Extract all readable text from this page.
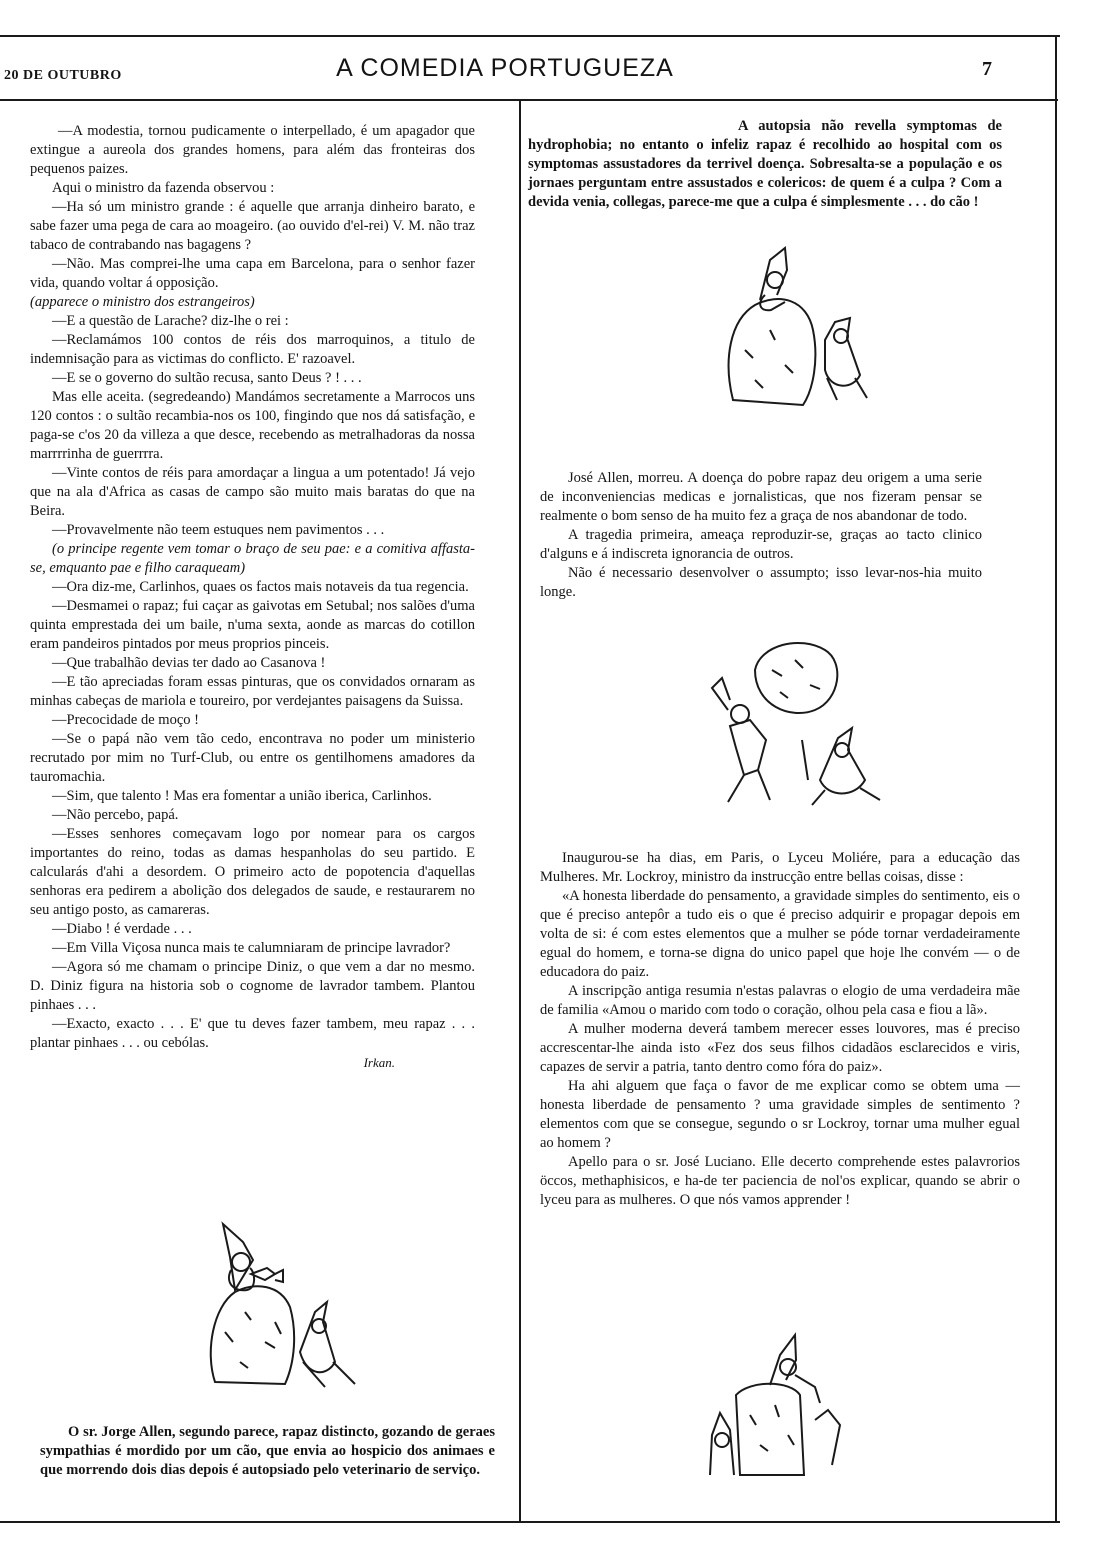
20 DE OUTUBRO	A COMEDIA PORTUGUEZA	7

—A modestia, tornou pudicamente o interpellado, é um apagador que extingue a aureola dos grandes homens, para além das fronteiras dos pequenos paizes.

Aqui o ministro da fazenda observou :

—Ha só um ministro grande : é aquelle que arranja dinheiro barato, e sabe fazer uma pega de cara ao moageiro. (ao ouvido d'el-rei) V. M. não traz tabaco de contrabando nas bagagens ?

—Não. Mas comprei-lhe uma capa em Barcelona, para o senhor fazer vida, quando voltar á opposição.

(apparece o ministro dos estrangeiros)

—E a questão de Larache? diz-lhe o rei :

—Reclamámos 100 contos de réis dos marroquinos, a titulo de indemnisação para as victimas do conflicto. E' razoavel.

—E se o governo do sultão recusa, santo Deus ? ! . . .

Mas elle aceita. (segredeando) Mandámos secretamente a Marrocos uns 120 contos : o sultão recambia-nos os 100, fingindo que nos dá satisfação, e paga-se c'os 20 da villeza a que desce, recebendo as metralhadoras da nossa marrrrinha de guerrrra.

—Vinte contos de réis para amordaçar a lingua a um potentado! Já vejo que na ala d'Africa as casas de campo são muito mais baratas do que na Beira.

—Provavelmente não teem estuques nem pavimentos . . .

(o principe regente vem tomar o braço de seu pae: e a comitiva affasta-se, emquanto pae e filho caraqueam)

—Ora diz-me, Carlinhos, quaes os factos mais notaveis da tua regencia.

—Desmamei o rapaz; fui caçar as gaivotas em Setubal; nos salões d'uma quinta emprestada dei um baile, n'uma sexta, aonde as marcas do cotillon eram pandeiros pintados por meus proprios pinceis.

—Que trabalhão devias ter dado ao Casanova !

—E tão apreciadas foram essas pinturas, que os convidados ornaram as minhas cabeças de mariola e toureiro, por verdejantes paisagens da Suissa.

—Precocidade de moço !

—Se o papá não vem tão cedo, encontrava no poder um ministerio recrutado por mim no Turf-Club, ou entre os gentilhomens amadores da tauromachia.

—Sim, que talento ! Mas era fomentar a união iberica, Carlinhos.

—Não percebo, papá.

—Esses senhores começavam logo por nomear para os cargos importantes do reino, todas as damas hespanholas do seu partido. E calcularás d'ahi a desordem. O primeiro acto de popotencia d'aquellas senhoras era pedirem a abolição dos delegados de saude, e restaurarem no seu antigo posto, as camareras.

—Diabo ! é verdade . . .

—Em Villa Viçosa nunca mais te calumniaram de principe lavrador?

—Agora só me chamam o principe Diniz, o que vem a dar no mesmo. D. Diniz figura na historia sob o cognome de lavrador tambem. Plantou pinhaes . . .

—Exacto, exacto . . . E' que tu deves fazer tambem, meu rapaz . . . plantar pinhaes . . . ou cebólas.

Irkan.

O sr. Jorge Allen, segundo parece, rapaz distincto, gozando de geraes sympathias é mordido por um cão, que envia ao hospicio dos animaes e que morrendo dois dias depois é autopsiado pelo veterinario de serviço.

A autopsia não revella symptomas de hydrophobia; no entanto o infeliz rapaz é recolhido ao hospital com os symptomas assustadores da terrivel doença. Sobresalta-se a população e os jornaes perguntam entre assustados e colericos: de quem é a culpa ? Com a devida venia, collegas, parece-me que a culpa é simplesmente . . . do cão !

José Allen, morreu. A doença do pobre rapaz deu origem a uma serie de inconveniencias medicas e jornalisticas, que nos fizeram pensar se realmente o bom senso de ha muito fez a graça de nos abandonar de todo.

A tragedia primeira, ameaça reproduzir-se, graças ao tacto clinico d'alguns e á indiscreta ignorancia de outros.

Não é necessario desenvolver o assumpto; isso levar-nos-hia muito longe.

Inaugurou-se ha dias, em Paris, o Lyceu Moliére, para a educação das Mulheres. Mr. Lockroy, ministro da instrucção entre bellas coisas, disse :

«A honesta liberdade do pensamento, a gravidade simples do sentimento, eis o que é preciso antepôr a tudo eis o que é preciso adquirir e propagar depois em volta de si: é com estes elementos que a mulher se póde tornar verdadeiramente egual do homem, e torna-se digna do unico papel que hoje lhe convém — o de educadora do paiz.

A inscripção antiga resumia n'estas palavras o elogio de uma verdadeira mãe de familia «Amou o marido com todo o coração, olhou pela casa e fiou a lã».

A mulher moderna deverá tambem merecer esses louvores, mas é preciso accrescentar-lhe ainda isto «Fez dos seus filhos cidadãos esclarecidos e viris, capazes de servir a patria, tanto dentro como fóra do paiz».

Ha ahi alguem que faça o favor de me explicar como se obtem uma — honesta liberdade de pensamento ? uma gravidade simples de sentimento ? elementos com que se consegue, segundo o sr Lockroy, tornar uma mulher egual ao homem ?

Apello para o sr. José Luciano. Elle decerto comprehende estes palavrorios öccos, methaphisicos, e ha-de ter paciencia de nol'os explicar, quando se abrir o lyceu para as mulheres. O que nós vamos apprender !
